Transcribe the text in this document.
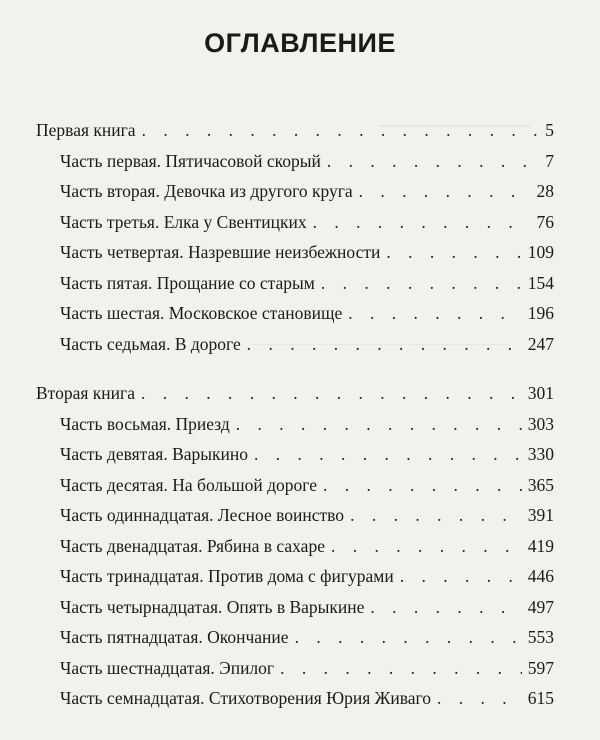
ОГЛАВЛЕНИЕ
Первая книга . . .	5
Часть первая. Пятичасовой скорый . . .	7
Часть вторая. Девочка из другого круга . . .	28
Часть третья. Елка у Свентицких . . .	76
Часть четвертая. Назревшие неизбежности . . .	109
Часть пятая. Прощание со старым . . .	154
Часть шестая. Московское становище . . .	196
Часть седьмая. В дороге . . .	247
Вторая книга . . .	301
Часть восьмая. Приезд . . .	303
Часть девятая. Варыкино . . .	330
Часть десятая. На большой дороге . . .	365
Часть одиннадцатая. Лесное воинство . . .	391
Часть двенадцатая. Рябина в сахаре . . .	419
Часть тринадцатая. Против дома с фигурами . . .	446
Часть четырнадцатая. Опять в Варыкине . . .	497
Часть пятнадцатая. Окончание . . .	553
Часть шестнадцатая. Эпилог . . .	597
Часть семнадцатая. Стихотворения Юрия Живаго . . .	615
